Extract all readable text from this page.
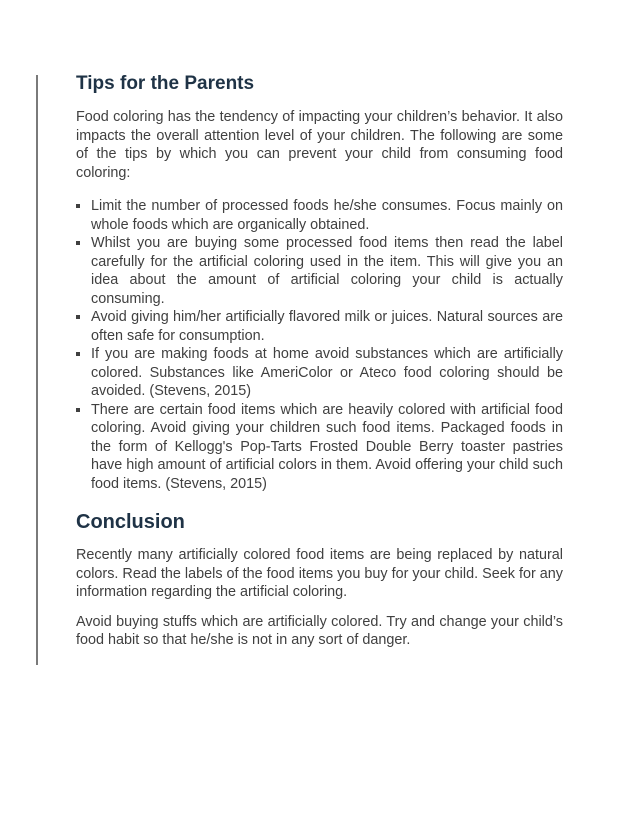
Tips for the Parents

Food coloring has the tendency of impacting your children’s behavior. It also impacts the overall attention level of your children. The following are some of the tips by which you can prevent your child from consuming food coloring:

Limit the number of processed foods he/she consumes. Focus mainly on whole foods which are organically obtained.
Whilst you are buying some processed food items then read the label carefully for the artificial coloring used in the item. This will give you an idea about the amount of artificial coloring your child is actually consuming.
Avoid giving him/her artificially flavored milk or juices. Natural sources are often safe for consumption.
If you are making foods at home avoid substances which are artificially colored. Substances like AmeriColor or Ateco food coloring should be avoided. (Stevens, 2015)
There are certain food items which are heavily colored with artificial food coloring. Avoid giving your children such food items. Packaged foods in the form of Kellogg's Pop-Tarts Frosted Double Berry toaster pastries have high amount of artificial colors in them. Avoid offering your child such food items. (Stevens, 2015)
Conclusion

Recently many artificially colored food items are being replaced by natural colors. Read the labels of the food items you buy for your child. Seek for any information regarding the artificial coloring.

Avoid buying stuffs which are artificially colored. Try and change your child’s food habit so that he/she is not in any sort of danger.
